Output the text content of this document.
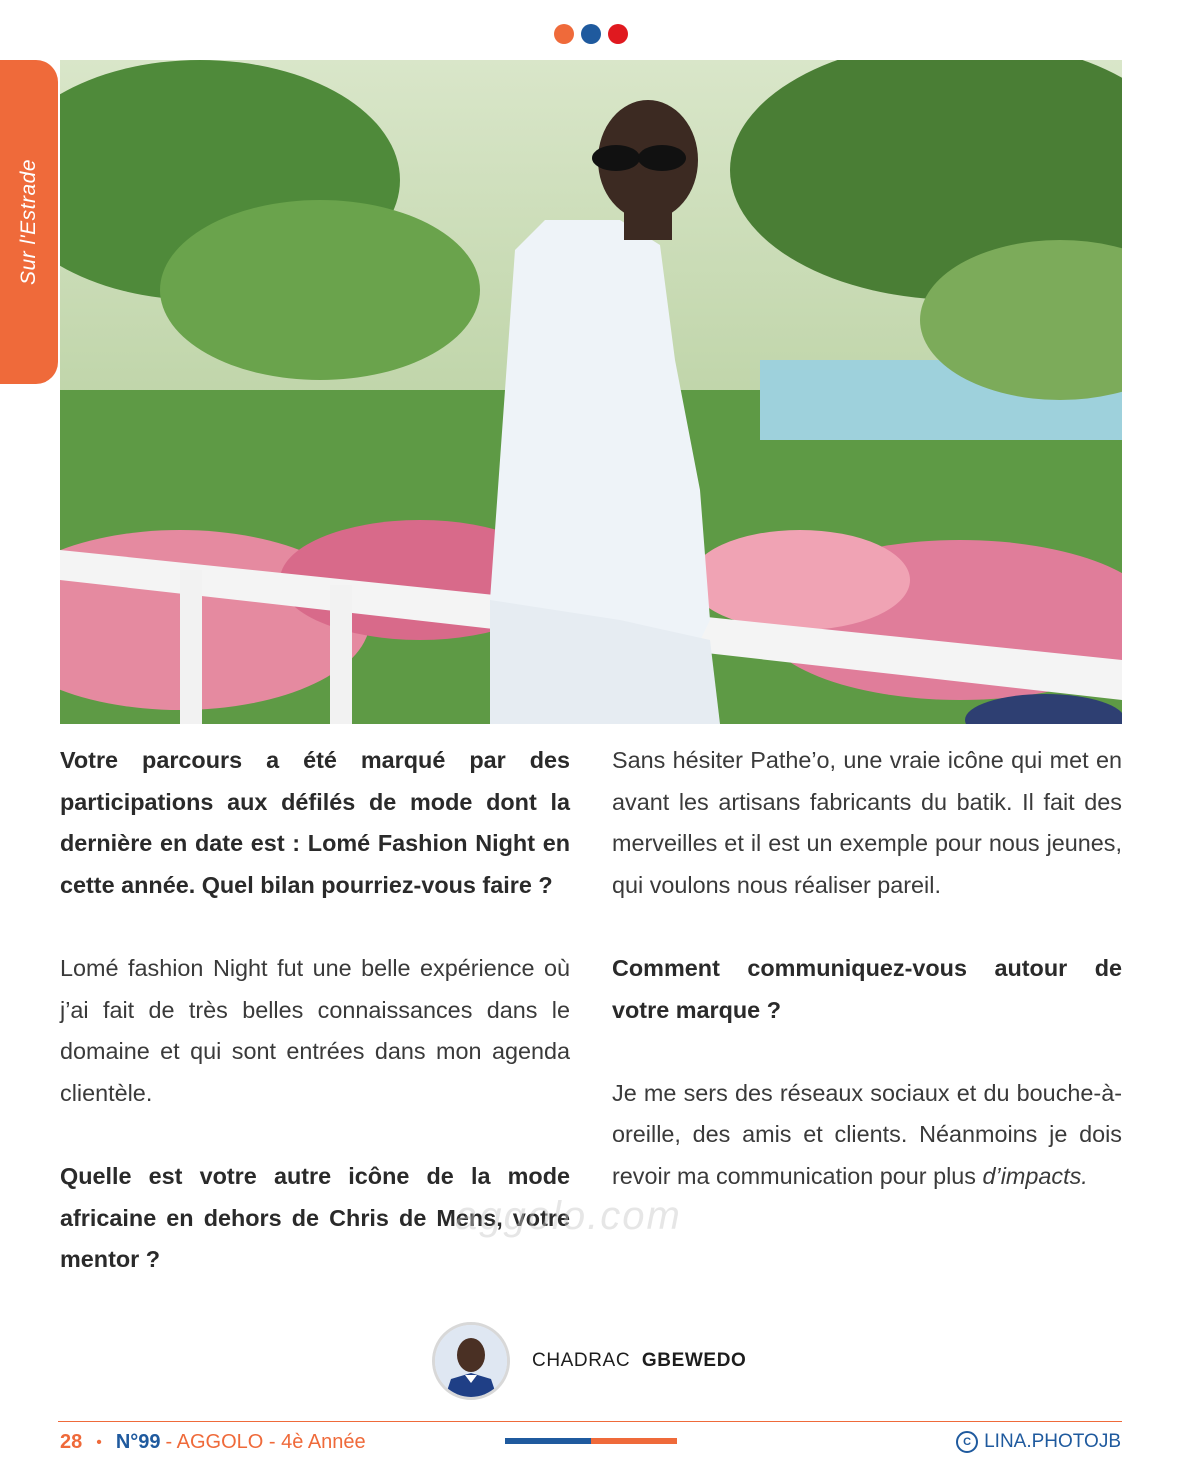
Sur l'Estrade

Votre parcours a été marqué par des participations aux défilés de mode dont la dernière en date est : Lomé Fashion Night en cette année. Quel bilan pourriez-vous faire ?

Lomé fashion Night fut une belle expérience où j’ai fait de très belles connaissances dans le domaine et qui sont entrées dans mon agenda clientèle.

Quelle est votre autre icône de la mode africaine en dehors de Chris de Mens, votre mentor ?

Sans hésiter Pathe’o, une vraie icône qui met en avant les artisans fabricants du batik. Il fait des merveilles et il est un exemple pour nous jeunes, qui voulons nous réaliser pareil.

Comment communiquez-vous autour de votre marque ?

Je me sers des réseaux sociaux et du bouche-à-oreille, des amis et clients. Néanmoins je dois revoir ma communication pour plus d’impacts.

aggolo.com
CHADRAC GBEWEDO
28 • N°99 - AGGOLO - 4è Année	C LINA.PHOTOJB
